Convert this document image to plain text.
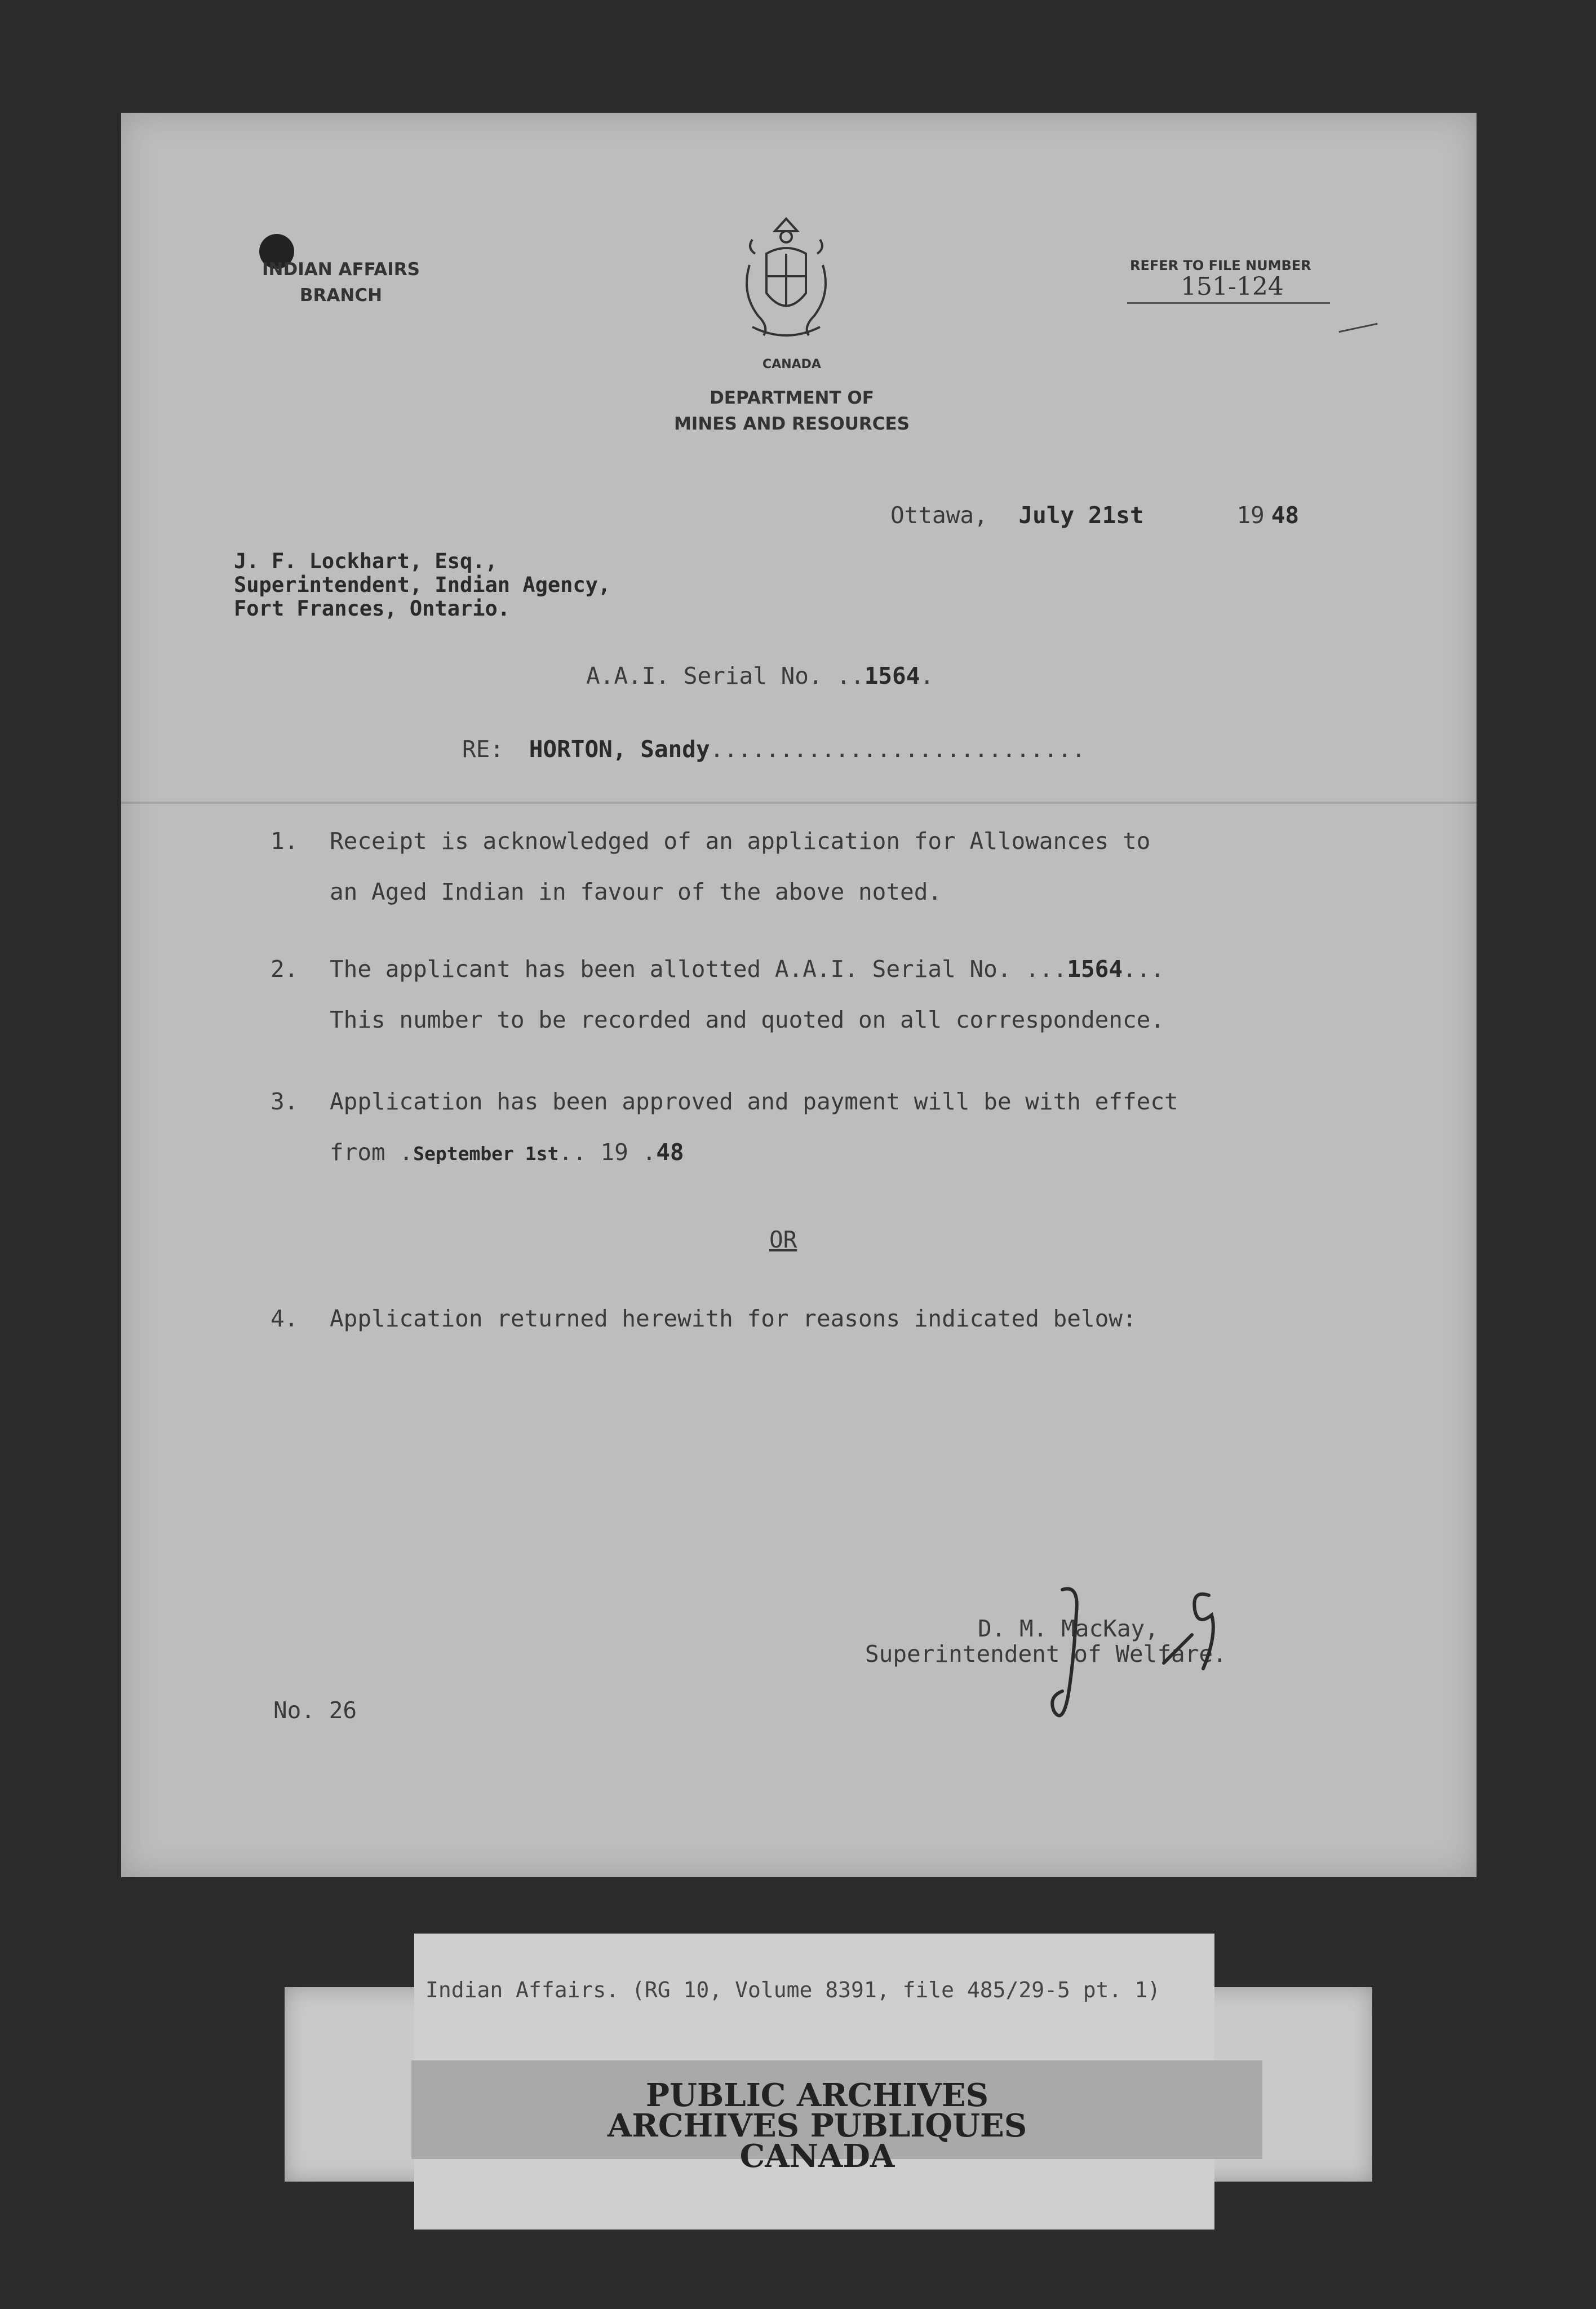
INDIAN AFFAIRS
BRANCH
CANADA
DEPARTMENT OF
MINES AND RESOURCES
REFER TO FILE NUMBER
151-124
Ottawa, July 21st	19 48
J. F. Lockhart, Esq.,
Superintendent, Indian Agency,
Fort Frances, Ontario.
A.A.I. Serial No. ..1564.
RE: HORTON, Sandy...........................
1. Receipt is acknowledged of an application for Allowances to
an Aged Indian in favour of the above noted.
2. The applicant has been allotted A.A.I. Serial No. ...1564...
This number to be recorded and quoted on all correspondence.
3. Application has been approved and payment will be with effect
from .September 1st.. 19 .48
OR
4. Application returned herewith for reasons indicated below:
D. M. MacKay,
Superintendent of Welfare.
No. 26
Indian Affairs. (RG 10, Volume 8391, file 485/29-5 pt. 1)
PUBLIC ARCHIVES
ARCHIVES PUBLIQUES
CANADA
